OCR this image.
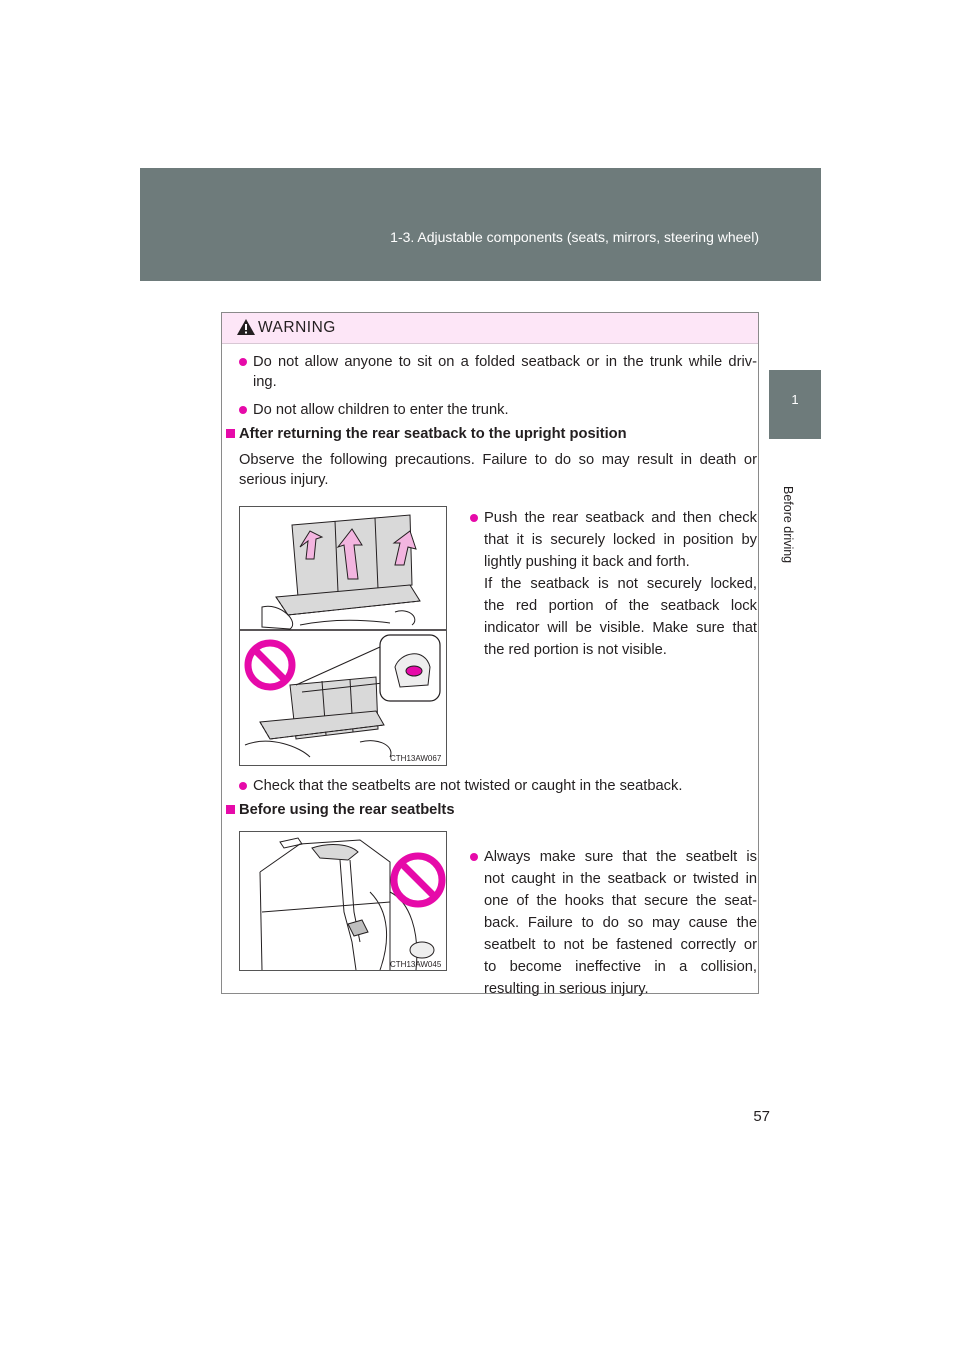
1-3. Adjustable components (seats, mirrors, steering wheel)
1
Before driving
WARNING
Do not allow anyone to sit on a folded seatback or in the trunk while driv-
ing.
Do not allow children to enter the trunk.
After returning the rear seatback to the upright position
Observe the following precautions. Failure to do so may result in death or
serious injury.
CTH13AW067
Push the rear seatback and then check
that it is securely locked in position by
lightly pushing it back and forth.
If the seatback is not securely locked,
the red portion of the seatback lock
indicator will be visible. Make sure that
the red portion is not visible.
Check that the seatbelts are not twisted or caught in the seatback.
Before using the rear seatbelts
CTH13AW045
Always make sure that the seatbelt is
not caught in the seatback or twisted in
one of the hooks that secure the seat-
back. Failure to do so may cause the
seatbelt to not be fastened correctly or
to become ineffective in a collision,
resulting in serious injury.
57
